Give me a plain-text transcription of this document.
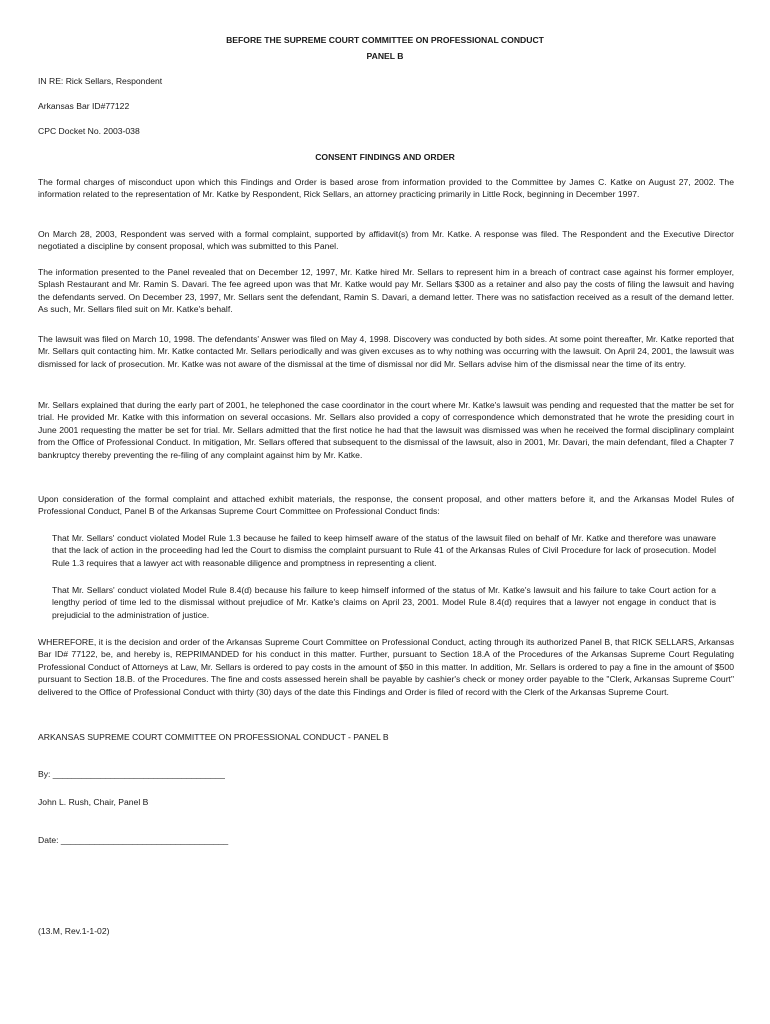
BEFORE THE SUPREME COURT COMMITTEE ON PROFESSIONAL CONDUCT

PANEL B

IN RE: Rick Sellars, Respondent

Arkansas Bar ID#77122

CPC Docket No. 2003-038

CONSENT FINDINGS AND ORDER

The formal charges of misconduct upon which this Findings and Order is based arose from information provided to the Committee by James C. Katke on August 27, 2002. The information related to the representation of Mr. Katke by Respondent, Rick Sellars, an attorney practicing primarily in Little Rock, beginning in December 1997.

On March 28, 2003, Respondent was served with a formal complaint, supported by affidavit(s) from Mr. Katke. A response was filed. The Respondent and the Executive Director negotiated a discipline by consent proposal, which was submitted to this Panel.

The information presented to the Panel revealed that on December 12, 1997, Mr. Katke hired Mr. Sellars to represent him in a breach of contract case against his former employer, Splash Restaurant and Mr. Ramin S. Davari. The fee agreed upon was that Mr. Katke would pay Mr. Sellars $300 as a retainer and also pay the costs of filing the lawsuit and having the defendants served. On December 23, 1997, Mr. Sellars sent the defendant, Ramin S. Davari, a demand letter. There was no satisfaction received as a result of the demand letter. As such, Mr. Sellars filed suit on Mr. Katke's behalf.

The lawsuit was filed on March 10, 1998. The defendants' Answer was filed on May 4, 1998. Discovery was conducted by both sides. At some point thereafter, Mr. Katke reported that Mr. Sellars quit contacting him. Mr. Katke contacted Mr. Sellars periodically and was given excuses as to why nothing was occurring with the lawsuit. On April 24, 2001, the lawsuit was dismissed for lack of prosecution. Mr. Katke was not aware of the dismissal at the time of dismissal nor did Mr. Sellars advise him of the dismissal near the time of its entry.

Mr. Sellars explained that during the early part of 2001, he telephoned the case coordinator in the court where Mr. Katke's lawsuit was pending and requested that the matter be set for trial. He provided Mr. Katke with this information on several occasions. Mr. Sellars also provided a copy of correspondence which demonstrated that he wrote the presiding court in June 2001 requesting the matter be set for trial. Mr. Sellars admitted that the first notice he had that the lawsuit was dismissed was when he received the formal disciplinary complaint from the Office of Professional Conduct. In mitigation, Mr. Sellars offered that subsequent to the dismissal of the lawsuit, also in 2001, Mr. Davari, the main defendant, filed a Chapter 7 bankruptcy thereby preventing the re-filing of any complaint against him by Mr. Katke.

Upon consideration of the formal complaint and attached exhibit materials, the response, the consent proposal, and other matters before it, and the Arkansas Model Rules of Professional Conduct, Panel B of the Arkansas Supreme Court Committee on Professional Conduct finds:

That Mr. Sellars' conduct violated Model Rule 1.3 because he failed to keep himself aware of the status of the lawsuit filed on behalf of Mr. Katke and therefore was unaware that the lack of action in the proceeding had led the Court to dismiss the complaint pursuant to Rule 41 of the Arkansas Rules of Civil Procedure for lack of prosecution. Model Rule 1.3 requires that a lawyer act with reasonable diligence and promptness in representing a client.

That Mr. Sellars' conduct violated Model Rule 8.4(d) because his failure to keep himself informed of the status of Mr. Katke's lawsuit and his failure to take Court action for a lengthy period of time led to the dismissal without prejudice of Mr. Katke's claims on April 23, 2001. Model Rule 8.4(d) requires that a lawyer not engage in conduct that is prejudicial to the administration of justice.

WHEREFORE, it is the decision and order of the Arkansas Supreme Court Committee on Professional Conduct, acting through its authorized Panel B, that RICK SELLARS, Arkansas Bar ID# 77122, be, and hereby is, REPRIMANDED for his conduct in this matter. Further, pursuant to Section 18.A of the Procedures of the Arkansas Supreme Court Regulating Professional Conduct of Attorneys at Law, Mr. Sellars is ordered to pay costs in the amount of $50 in this matter. In addition, Mr. Sellars is ordered to pay a fine in the amount of $500 pursuant to Section 18.B. of the Procedures. The fine and costs assessed herein shall be payable by cashier's check or money order payable to the "Clerk, Arkansas Supreme Court" delivered to the Office of Professional Conduct with thirty (30) days of the date this Findings and Order is filed of record with the Clerk of the Arkansas Supreme Court.

ARKANSAS SUPREME COURT COMMITTEE ON PROFESSIONAL CONDUCT - PANEL B

By: ____________________________________

John L. Rush, Chair, Panel B

Date: ___________________________________

(13.M, Rev.1-1-02)
